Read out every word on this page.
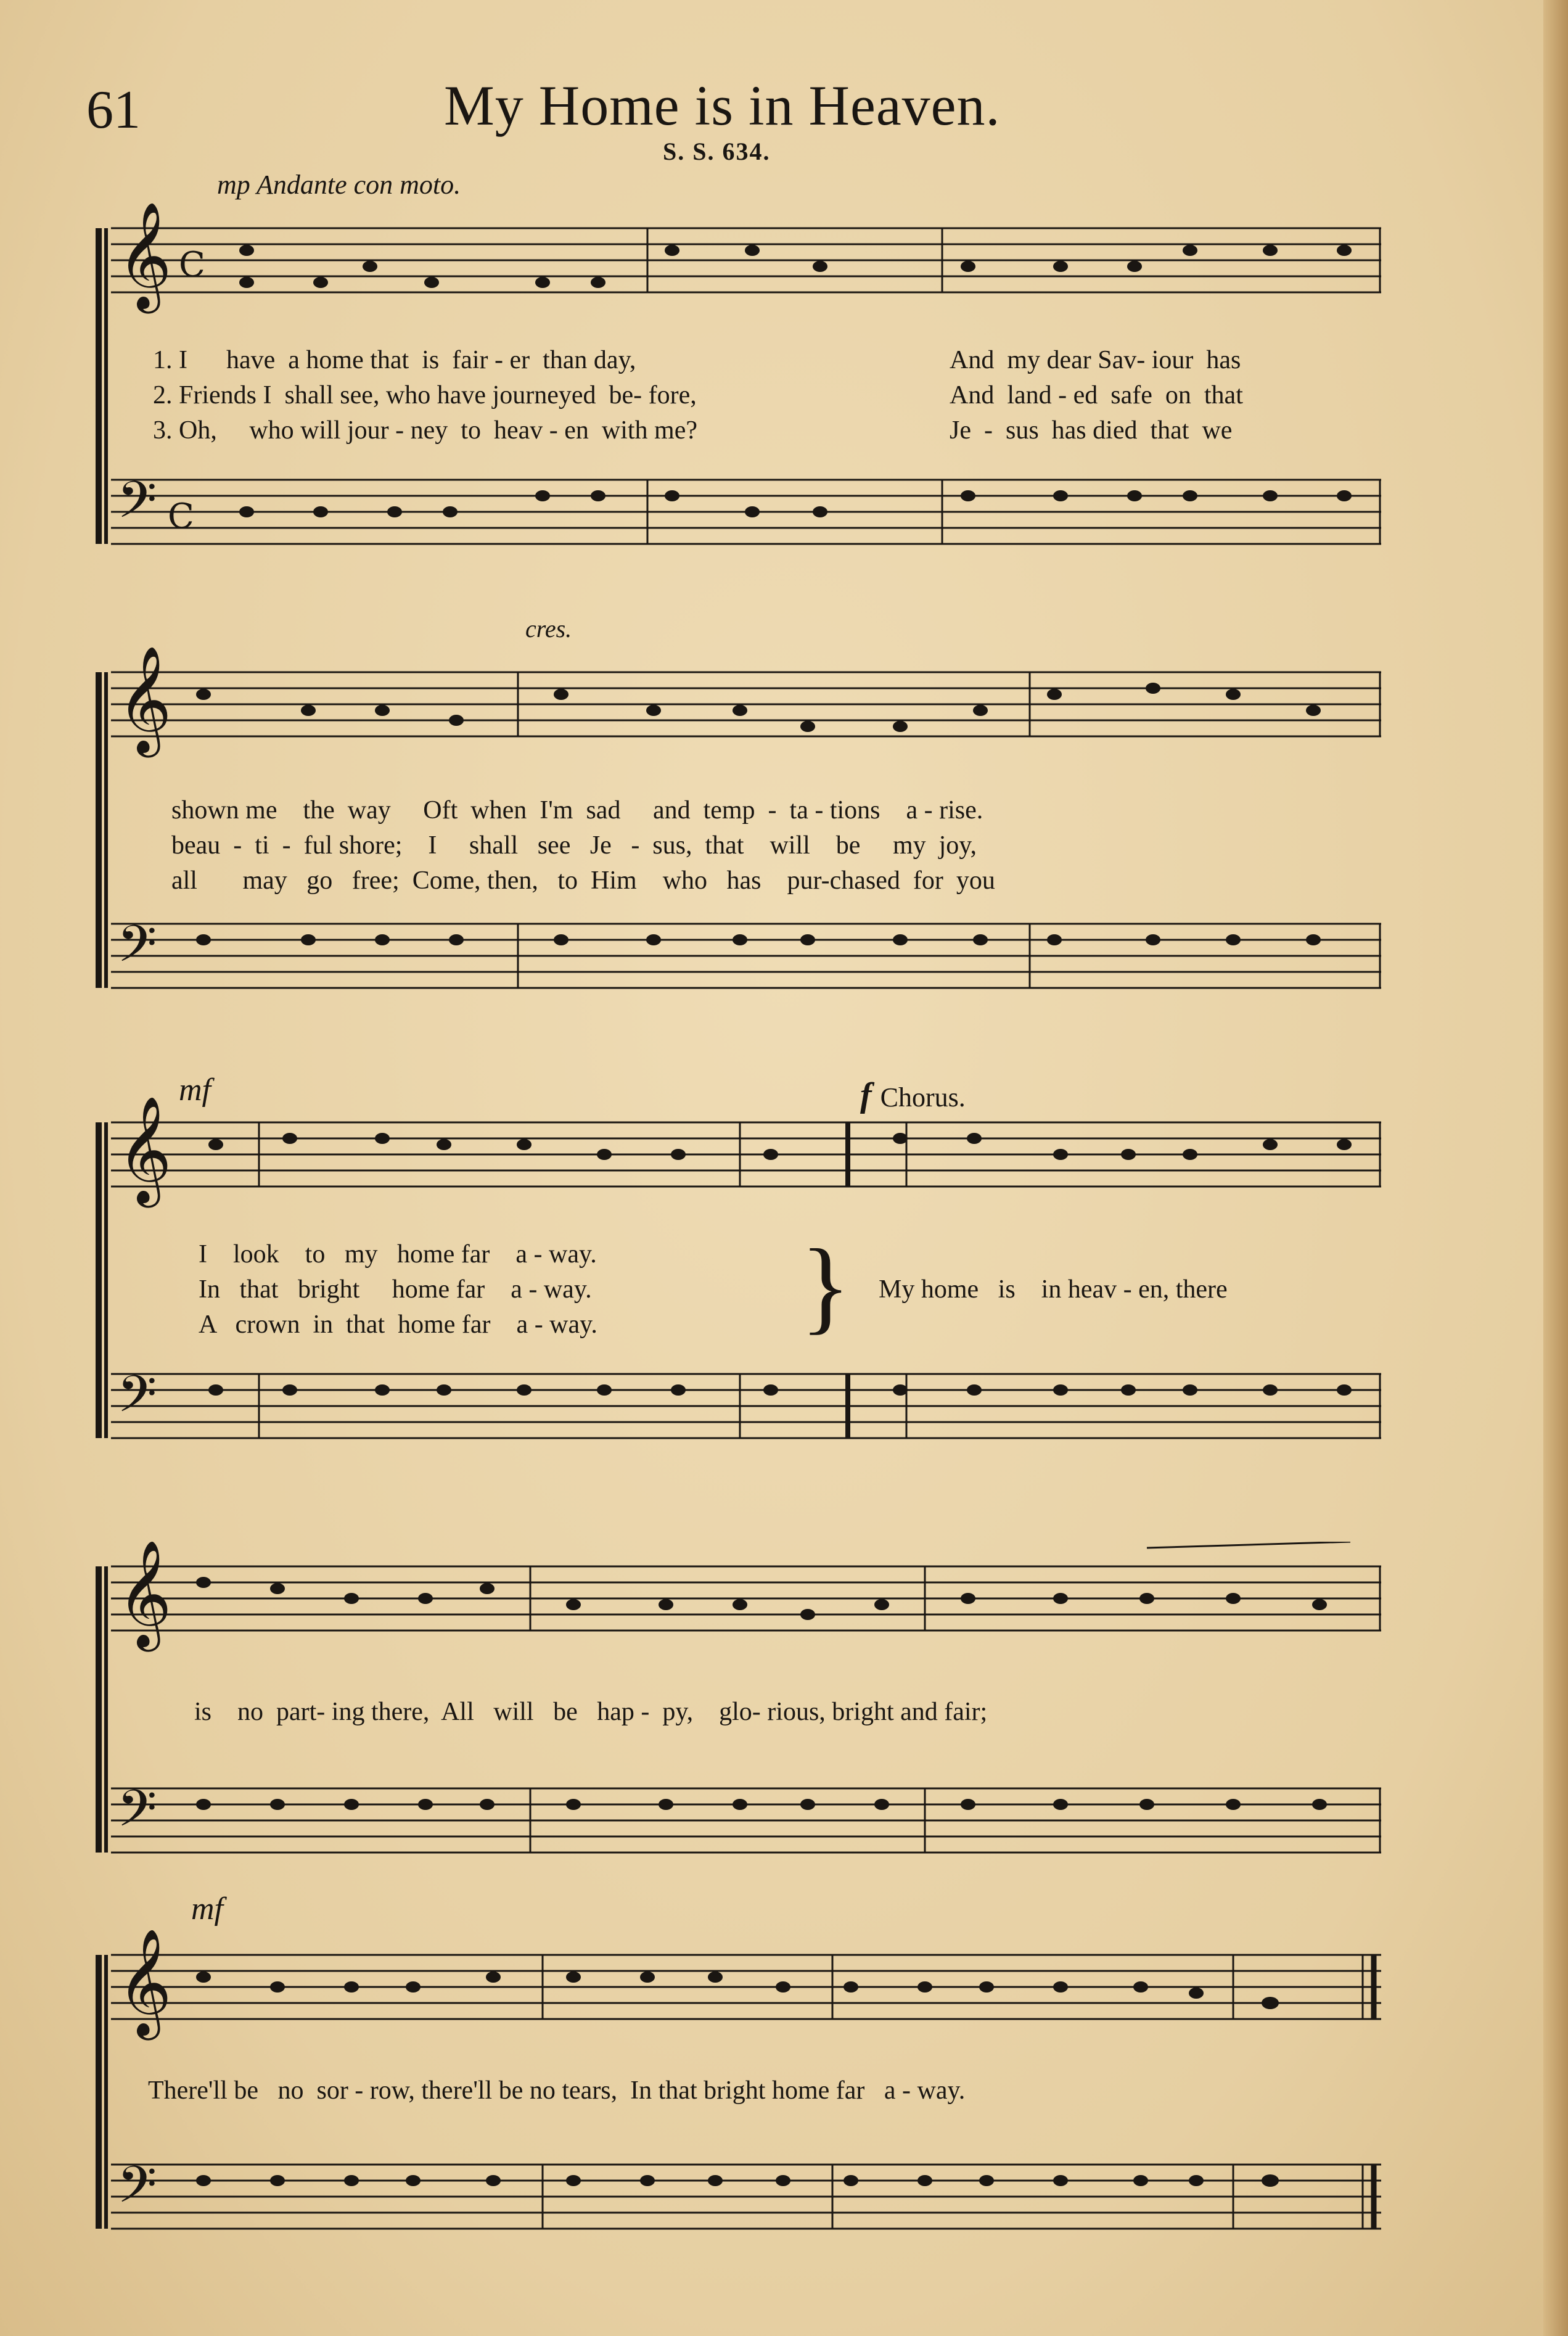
61	My Home is in Heaven.
S. S. 634.
mp Andante con moto.
𝄞 C
𝄢 C
𝄞
𝄢
𝄞
𝄢
𝄞
𝄢
𝄞
𝄢
cres.
mf	f Chorus.
mf
1. I      have  a home that  is  fair - er  than day,
2. Friends I  shall see, who have journeyed  be- fore,
3. Oh,     who will jour - ney  to  heav - en  with me?
And  my dear Sav- iour  has
And  land - ed  safe  on  that
Je  -  sus  has died  that  we
shown me    the  way     Oft  when  I'm  sad     and  temp  -  ta - tions    a - rise.
beau  -  ti  -  ful shore;    I     shall   see   Je   -  sus,  that    will    be     my  joy,
all       may   go   free;  Come, then,   to  Him    who   has    pur-chased  for  you
I    look    to   my   home far    a - way.
In   that   bright     home far    a - way.
A   crown  in  that  home far    a - way. } My home   is    in heav - en, there
is    no  part- ing there,  All   will   be   hap -  py,    glo- rious, bright and fair;
There'll be   no  sor - row, there'll be no tears,  In that bright home far   a - way.
